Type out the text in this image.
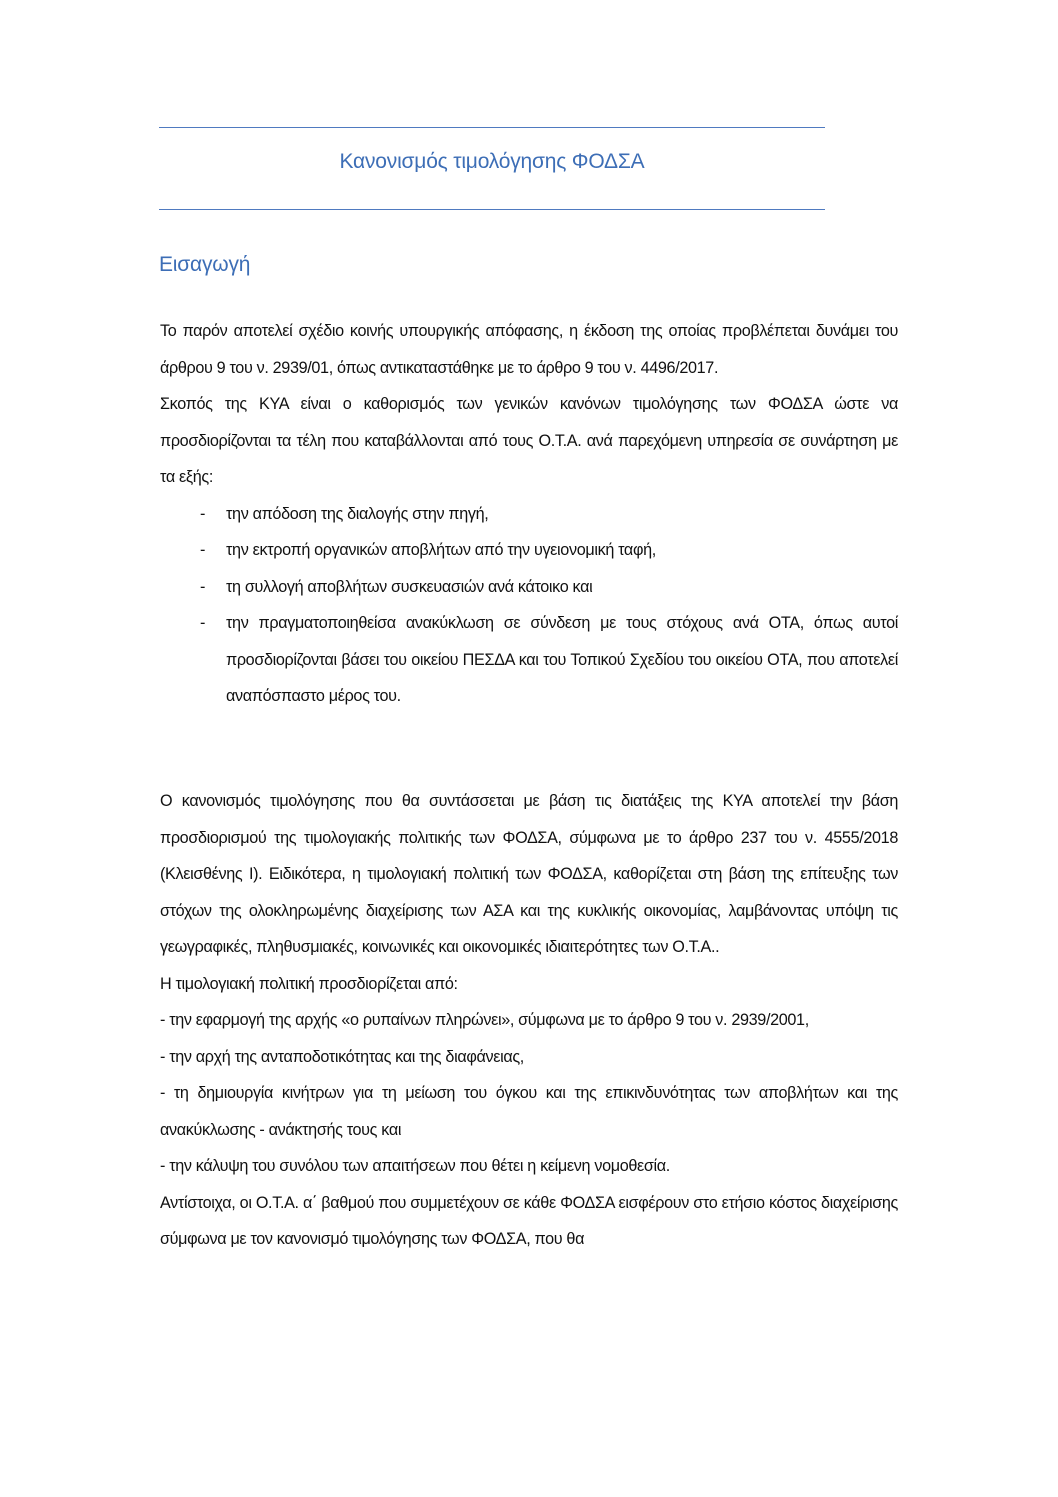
Κανονισμός τιμολόγησης ΦΟΔΣΑ
Εισαγωγή

Το παρόν αποτελεί σχέδιο κοινής υπουργικής απόφασης, η έκδοση της οποίας προβλέπεται δυνάμει του άρθρου 9 του ν. 2939/01, όπως αντικαταστάθηκε με το άρθρο 9 του ν. 4496/2017.

Σκοπός της ΚΥΑ είναι ο καθορισμός των γενικών κανόνων τιμολόγησης των ΦΟΔΣΑ ώστε να προσδιορίζονται τα τέλη που καταβάλλονται από τους Ο.Τ.Α. ανά παρεχόμενη υπηρεσία σε συνάρτηση με τα εξής:

- την απόδοση της διαλογής στην πηγή,
- την εκτροπή οργανικών αποβλήτων από την υγειονομική ταφή,
- τη συλλογή αποβλήτων συσκευασιών ανά κάτοικο και
- την πραγματοποιηθείσα ανακύκλωση σε σύνδεση με τους στόχους ανά ΟΤΑ, όπως αυτοί προσδιορίζονται βάσει του οικείου ΠΕΣΔΑ και του Τοπικού Σχεδίου του οικείου ΟΤΑ, που αποτελεί αναπόσπαστο μέρος του.

Ο κανονισμός τιμολόγησης που θα συντάσσεται με βάση τις διατάξεις της ΚΥΑ αποτελεί την βάση προσδιορισμού της τιμολογιακής πολιτικής των ΦΟΔΣΑ, σύμφωνα με το άρθρο 237 του ν. 4555/2018 (Κλεισθένης Ι). Ειδικότερα, η τιμολογιακή πολιτική των ΦΟΔΣΑ, καθορίζεται στη βάση της επίτευξης των στόχων της ολοκληρωμένης διαχείρισης των ΑΣΑ και της κυκλικής οικονομίας, λαμβάνοντας υπόψη τις γεωγραφικές, πληθυσμιακές, κοινωνικές και οικονομικές ιδιαιτερότητες των Ο.Τ.Α..

Η τιμολογιακή πολιτική προσδιορίζεται από:

- την εφαρμογή της αρχής «ο ρυπαίνων πληρώνει», σύμφωνα με το άρθρο 9 του ν. 2939/2001,

- την αρχή της ανταποδοτικότητας και της διαφάνειας,

- τη δημιουργία κινήτρων για τη μείωση του όγκου και της επικινδυνότητας των αποβλήτων και της ανακύκλωσης - ανάκτησής τους και

- την κάλυψη του συνόλου των απαιτήσεων που θέτει η κείμενη νομοθεσία.

Αντίστοιχα, οι Ο.Τ.Α. α΄ βαθμού που συμμετέχουν σε κάθε ΦΟΔΣΑ εισφέρουν στο ετήσιο κόστος διαχείρισης σύμφωνα με τον κανονισμό τιμολόγησης των ΦΟΔΣΑ, που θα
